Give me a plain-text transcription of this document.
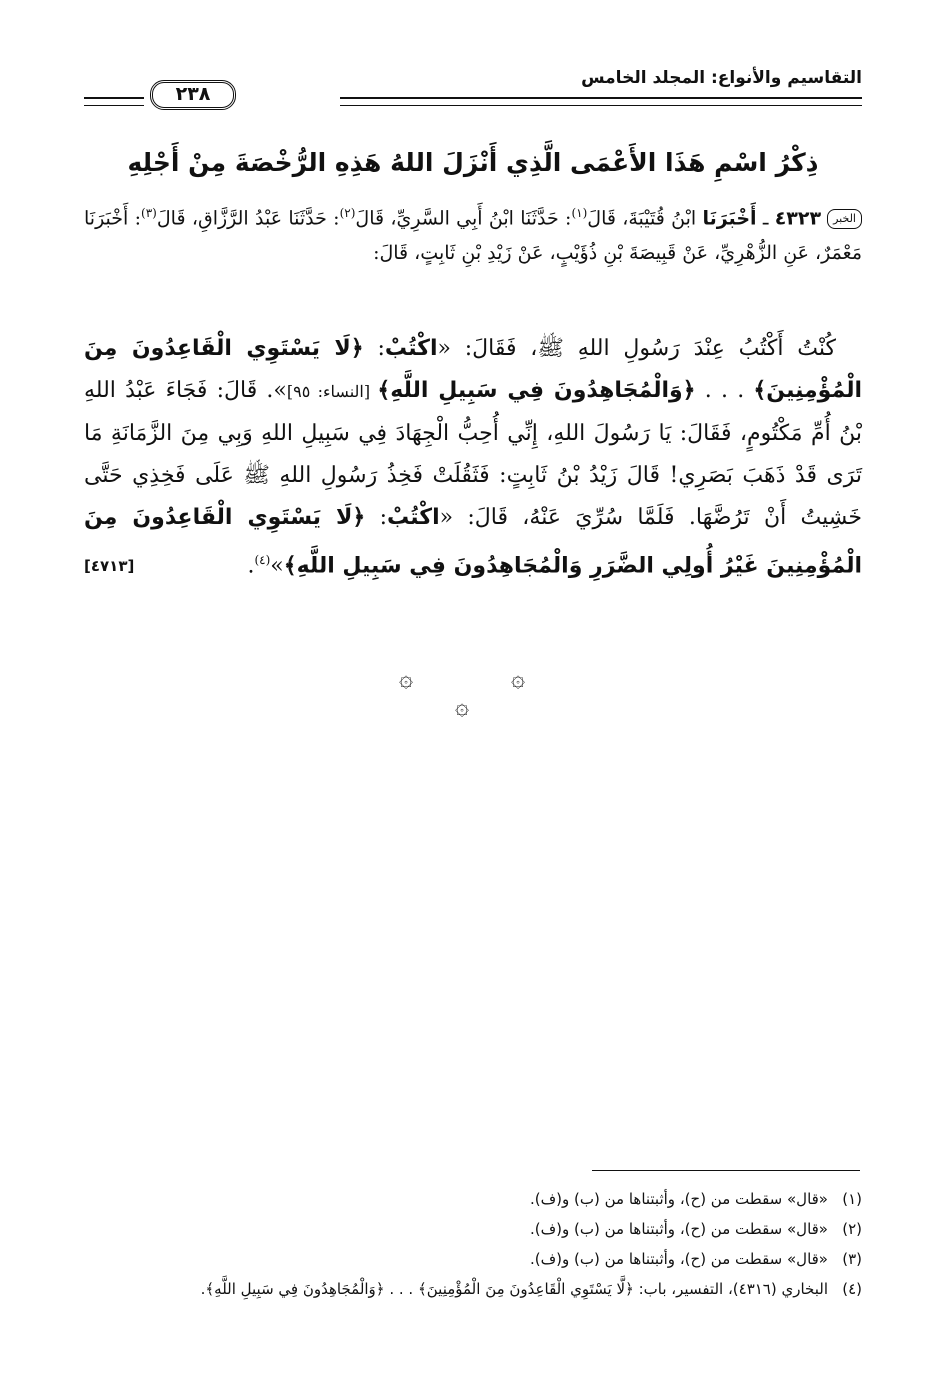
التقاسيم والأنواع: المجلد الخامس
٢٣٨
ذِكْرُ اسْمِ هَذَا الأَعْمَى الَّذِي أَنْزَلَ اللهُ هَذِهِ الرُّخْصَةَ مِنْ أَجْلِهِ
الخبر٤٣٢٣ ـ أَخْبَرَنَا ابْنُ قُتَيْبَةَ، قَالَ$^{(١)}$: حَدَّثَنَا ابْنُ أَبِي السَّرِيِّ، قَالَ$^{(٢)}$: حَدَّثَنَا عَبْدُ الرَّزَّاقِ، قَالَ$^{(٣)}$: أَخْبَرَنَا مَعْمَرٌ، عَنِ الزُّهْرِيِّ، عَنْ قَبِيصَةَ بْنِ ذُؤَيْبٍ، عَنْ زَيْدِ بْنِ ثَابِتٍ، قَالَ:
كُنْتُ أَكْتُبُ عِنْدَ رَسُولِ اللهِ ﷺ، فَقَالَ: «اكْتُبْ: ﴿لَا يَسْتَوِي الْقَاعِدُونَ مِنَ الْمُؤْمِنِينَ﴾ . . . ﴿وَالْمُجَاهِدُونَ فِي سَبِيلِ اللَّهِ﴾ [النساء: ٩٥]». قَالَ: فَجَاءَ عَبْدُ اللهِ بْنُ أُمِّ مَكْتُومٍ، فَقَالَ: يَا رَسُولَ اللهِ، إِنِّي أُحِبُّ الْجِهَادَ فِي سَبِيلِ اللهِ وَبِي مِنَ الزَّمَانَةِ مَا تَرَى قَدْ ذَهَبَ بَصَرِي! قَالَ زَيْدُ بْنُ ثَابِتٍ: فَثَقُلَتْ فَخِذُ رَسُولِ اللهِ ﷺ عَلَى فَخِذِي حَتَّى خَشِيتُ أَنْ تَرُضَّهَا. فَلَمَّا سُرِّيَ عَنْهُ، قَالَ: «اكْتُبْ: ﴿لَا يَسْتَوِي الْقَاعِدُونَ مِنَ الْمُؤْمِنِينَ غَيْرُ أُولِي الضَّرَرِ وَالْمُجَاهِدُونَ فِي سَبِيلِ اللَّهِ﴾»$^{(٤)}$.
[٤٧١٣]
۞
۞
۞
(١)«قال» سقطت من (ح)، وأثبتناها من (ب) و(ف).
(٢)«قال» سقطت من (ح)، وأثبتناها من (ب) و(ف).
(٣)«قال» سقطت من (ح)، وأثبتناها من (ب) و(ف).
(٤)البخاري (٤٣١٦)، التفسير، باب: ﴿لَّا يَسْتَوِي الْقَاعِدُونَ مِنَ الْمُؤْمِنِينَ﴾ . . . ﴿وَالْمُجَاهِدُونَ فِي سَبِيلِ اللَّهِ﴾.
